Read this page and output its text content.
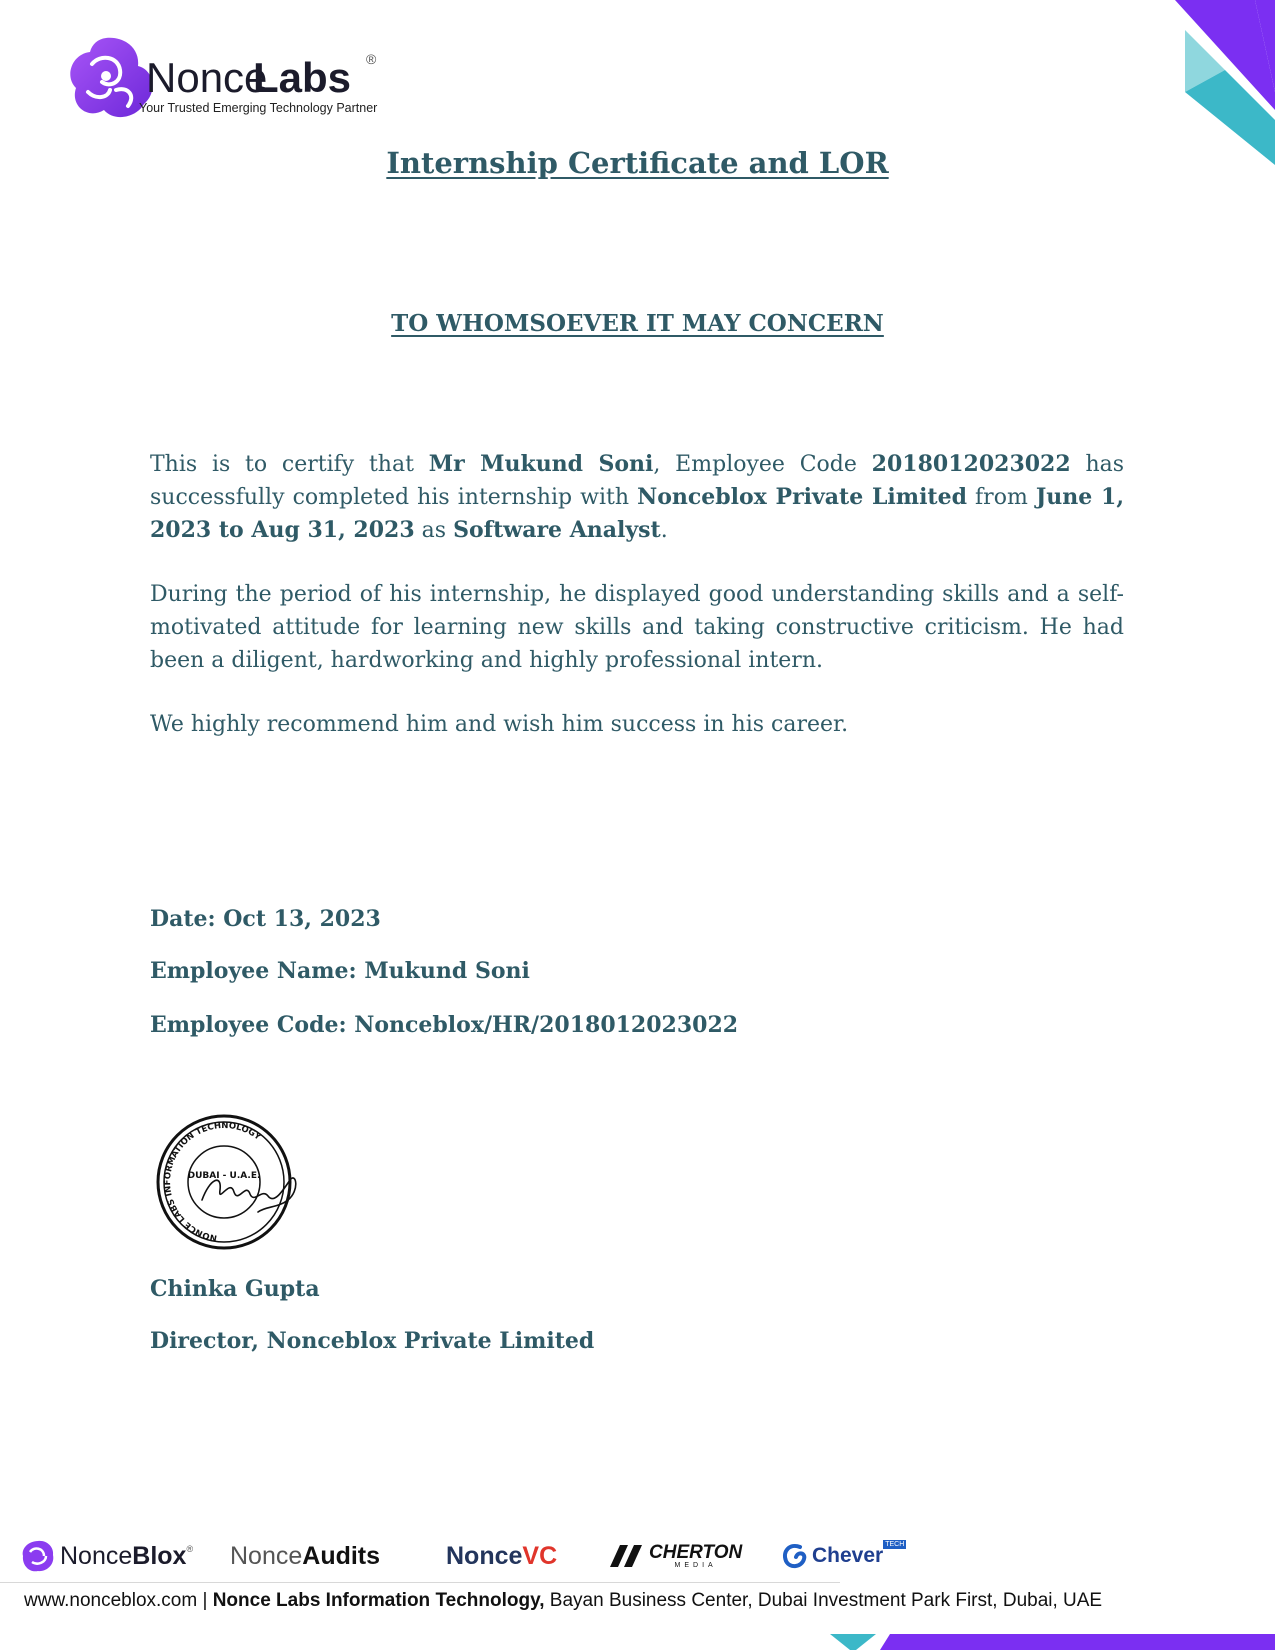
Nonce
Labs ®
Your Trusted Emerging Technology Partner
Internship Certificate and LOR
TO WHOMSOEVER IT MAY CONCERN

This is to certify that Mr Mukund Soni, Employee Code 2018012023022 has successfully completed his internship with Nonceblox Private Limited from June 1, 2023 to Aug 31, 2023 as Software Analyst.

During the period of his internship, he displayed good understanding skills and a self-motivated attitude for learning new skills and taking constructive criticism. He had been a diligent, hardworking and highly professional intern.

We highly recommend him and wish him success in his career.

Date: Oct 13, 2023
Employee Name: Mukund Soni
Employee Code: Nonceblox/HR/2018012023022
NONCE LABS INFORMATION TECHNOLOGY
DUBAI - U.A.E.
Chinka Gupta
Director, Nonceblox Private Limited
Nonce Blox ® Nonce Audits	Nonce VC	CHERTON
MEDIA	Chever TECH
www.nonceblox.com | Nonce Labs Information Technology, Bayan Business Center, Dubai Investment Park First, Dubai, UAE
